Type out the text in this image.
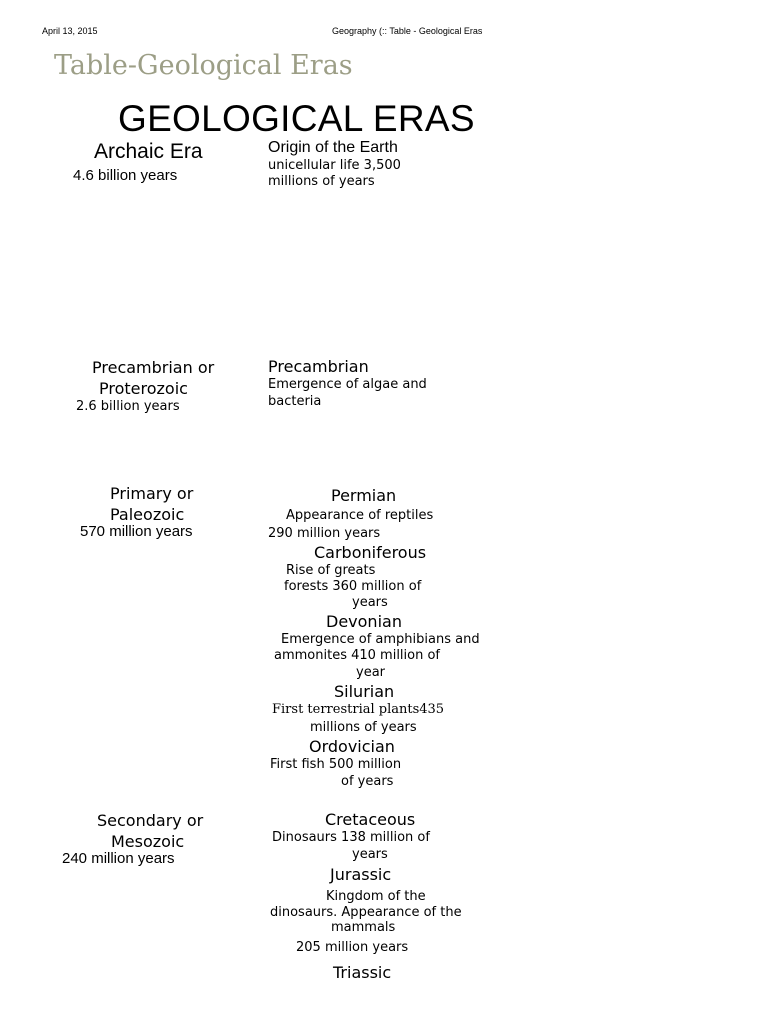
April 13, 2015	Geography (:: Table - Geological Eras
Table-Geological Eras
GEOLOGICAL ERAS
Archaic Era
4.6 billion years
Origin of the Earth
unicellular life 3,500
millions of years
Precambrian or
Proterozoic
2.6 billion years
Precambrian
Emergence of algae and
bacteria
Primary or
Paleozoic
570 million years
Permian
Appearance of reptiles
290 million years
Carboniferous
Rise of greats
forests 360 million of
years
Devonian
Emergence of amphibians and
ammonites 410 million of
year
Silurian
First terrestrial plants435
millions of years
Ordovician
First fish 500 million
of years
Secondary or
Mesozoic
240 million years
Cretaceous
Dinosaurs 138 million of
years
Jurassic
Kingdom of the
dinosaurs. Appearance of the
mammals
205 million years
Triassic
